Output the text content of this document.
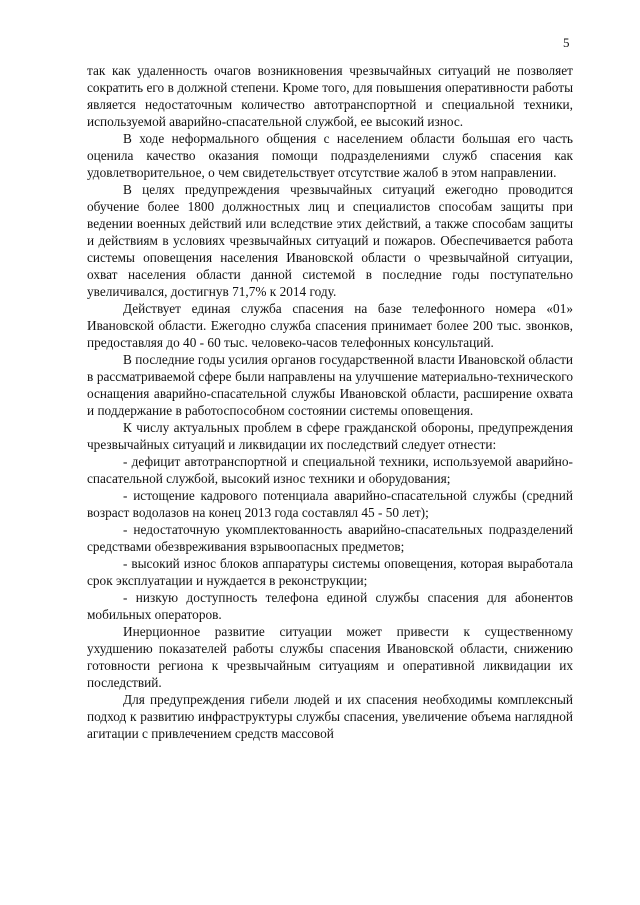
5

так как удаленность очагов возникновения чрезвычайных ситуаций не позволяет сократить его в должной степени. Кроме того, для повышения оперативности работы является недостаточным количество автотранспортной и специальной техники, используемой аварийно-спасательной службой, ее высокий износ.

В ходе неформального общения с населением области большая его часть оценила качество оказания помощи подразделениями служб спасения как удовлетворительное, о чем свидетельствует отсутствие жалоб в этом направлении.

В целях предупреждения чрезвычайных ситуаций ежегодно проводится обучение более 1800 должностных лиц и специалистов способам защиты при ведении военных действий или вследствие этих действий, а также способам защиты и действиям в условиях чрезвычайных ситуаций и пожаров. Обеспечивается работа системы оповещения населения Ивановской области о чрезвычайной ситуации, охват населения области данной системой в последние годы поступательно увеличивался, достигнув 71,7% к 2014 году.

Действует единая служба спасения на базе телефонного номера «01» Ивановской области. Ежегодно служба спасения принимает более 200 тыс. звонков, предоставляя до 40 - 60 тыс. человеко-часов телефонных консультаций.

В последние годы усилия органов государственной власти Ивановской области в рассматриваемой сфере были направлены на улучшение материально-технического оснащения аварийно-спасательной службы Ивановской области, расширение охвата и поддержание в работоспособном состоянии системы оповещения.

К числу актуальных проблем в сфере гражданской обороны, предупреждения чрезвычайных ситуаций и ликвидации их последствий следует отнести:

- дефицит автотранспортной и специальной техники, используемой аварийно-спасательной службой, высокий износ техники и оборудования;

- истощение кадрового потенциала аварийно-спасательной службы (средний возраст водолазов на конец 2013 года составлял 45 - 50 лет);

- недостаточную укомплектованность аварийно-спасательных подразделений средствами обезвреживания взрывоопасных предметов;

- высокий износ блоков аппаратуры системы оповещения, которая выработала срок эксплуатации и нуждается в реконструкции;

- низкую доступность телефона единой службы спасения для абонентов мобильных операторов.

Инерционное развитие ситуации может привести к существенному ухудшению показателей работы службы спасения Ивановской области, снижению готовности региона к чрезвычайным ситуациям и оперативной ликвидации их последствий.

Для предупреждения гибели людей и их спасения необходимы комплексный подход к развитию инфраструктуры службы спасения, увеличение объема наглядной агитации с привлечением средств массовой
